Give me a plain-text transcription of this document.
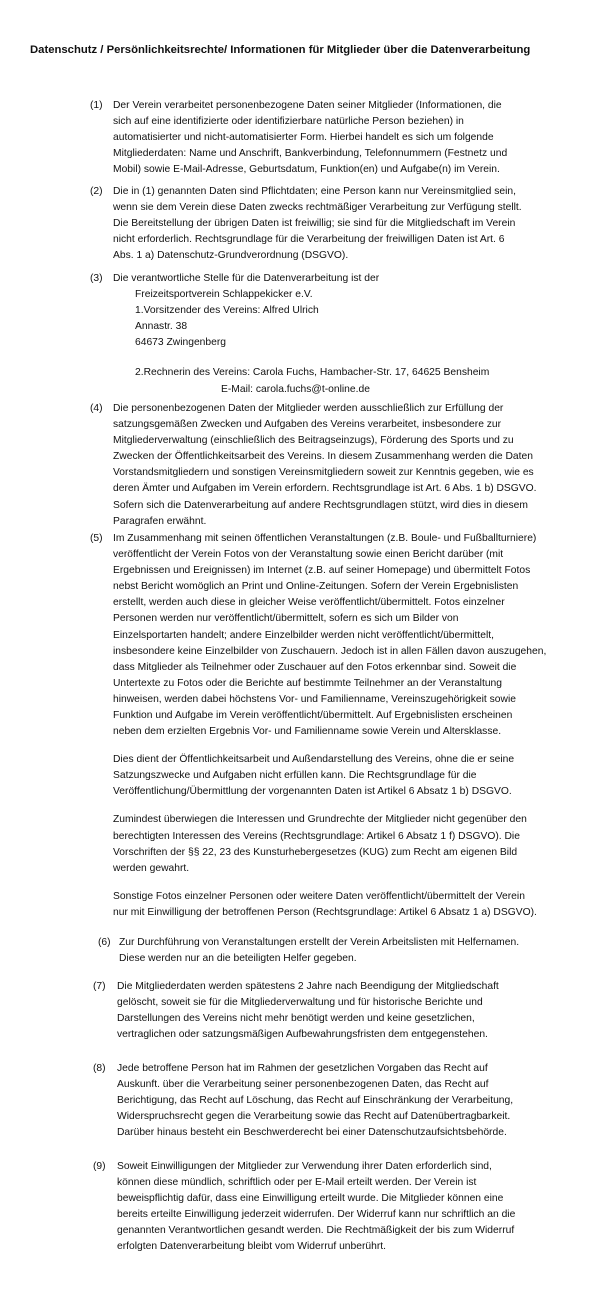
Datenschutz / Persönlichkeitsrechte/ Informationen für Mitglieder über die Datenverarbeitung
(1)	Der Verein verarbeitet personenbezogene Daten seiner Mitglieder (Informationen, die

sich auf eine identifizierte oder identifizierbare natürliche Person beziehen) in

automatisierter und nicht-automatisierter Form. Hierbei handelt es sich um folgende

Mitgliederdaten: Name und Anschrift, Bankverbindung, Telefonnummern (Festnetz und

Mobil) sowie E-Mail-Adresse, Geburtsdatum, Funktion(en) und Aufgabe(n) im Verein.

(2)	Die in (1) genannten Daten sind Pflichtdaten; eine Person kann nur Vereinsmitglied sein,

wenn sie dem Verein diese Daten zwecks rechtmäßiger Verarbeitung zur Verfügung stellt.

Die Bereitstellung der übrigen Daten ist freiwillig; sie sind für die Mitgliedschaft im Verein

nicht erforderlich. Rechtsgrundlage für die Verarbeitung der freiwilligen Daten ist Art. 6

Abs. 1 a) Datenschutz-Grundverordnung (DSGVO).

(3)	Die verantwortliche Stelle für die Datenverarbeitung ist der

Freizeitsportverein Schlappekicker e.V.

1.Vorsitzender des Vereins: Alfred Ulrich

Annastr. 38

64673 Zwingenberg

2.Rechnerin des Vereins: Carola Fuchs, Hambacher-Str. 17, 64625 Bensheim

E-Mail: carola.fuchs@t-online.de

(4)	Die personenbezogenen Daten der Mitglieder werden ausschließlich zur Erfüllung der

satzungsgemäßen Zwecken und Aufgaben des Vereins verarbeitet, insbesondere zur

Mitgliederverwaltung (einschließlich des Beitragseinzugs), Förderung des Sports und zu

Zwecken der Öffentlichkeitsarbeit des Vereins. In diesem Zusammenhang werden die Daten

Vorstandsmitgliedern und sonstigen Vereinsmitgliedern soweit zur Kenntnis gegeben, wie es

deren Ämter und Aufgaben im Verein erfordern. Rechtsgrundlage ist Art. 6 Abs. 1 b) DSGVO.

Sofern sich die Datenverarbeitung auf andere Rechtsgrundlagen stützt, wird dies in diesem

Paragrafen erwähnt.

(5)	Im Zusammenhang mit seinen öffentlichen Veranstaltungen (z.B. Boule- und Fußballturniere)

veröffentlicht der Verein Fotos von der Veranstaltung sowie einen Bericht darüber (mit

Ergebnissen und Ereignissen) im Internet (z.B. auf seiner Homepage) und übermittelt Fotos

nebst Bericht womöglich an Print und Online-Zeitungen. Sofern der Verein Ergebnislisten

erstellt, werden auch diese in gleicher Weise veröffentlicht/übermittelt. Fotos einzelner

Personen werden nur veröffentlicht/übermittelt, sofern es sich um Bilder von

Einzelsportarten handelt; andere Einzelbilder werden nicht veröffentlicht/übermittelt,

insbesondere keine Einzelbilder von Zuschauern. Jedoch ist in allen Fällen davon auszugehen,

dass Mitglieder als Teilnehmer oder Zuschauer auf den Fotos erkennbar sind. Soweit die

Untertexte zu Fotos oder die Berichte auf bestimmte Teilnehmer an der Veranstaltung

hinweisen, werden dabei höchstens Vor- und Familienname, Vereinszugehörigkeit sowie

Funktion und Aufgabe im Verein veröffentlicht/übermittelt. Auf Ergebnislisten erscheinen

neben dem erzielten Ergebnis Vor- und Familienname sowie Verein und Altersklasse.

Dies dient der Öffentlichkeitsarbeit und Außendarstellung des Vereins, ohne die er seine

Satzungszwecke und Aufgaben nicht erfüllen kann. Die Rechtsgrundlage für die

Veröffentlichung/Übermittlung der vorgenannten Daten ist Artikel 6 Absatz 1 b) DSGVO.

Zumindest überwiegen die Interessen und Grundrechte der Mitglieder nicht gegenüber den

berechtigten Interessen des Vereins (Rechtsgrundlage: Artikel 6 Absatz 1 f) DSGVO). Die

Vorschriften der §§ 22, 23 des Kunsturhebergesetzes (KUG) zum Recht am eigenen Bild

werden gewahrt.

Sonstige Fotos einzelner Personen oder weitere Daten veröffentlicht/übermittelt der Verein

nur mit Einwilligung der betroffenen Person (Rechtsgrundlage: Artikel 6 Absatz 1 a) DSGVO).

(6) Zur Durchführung von Veranstaltungen erstellt der Verein Arbeitslisten mit Helfernamen.

Diese werden nur an die beteiligten Helfer gegeben.

(7)	Die Mitgliederdaten werden spätestens 2 Jahre nach Beendigung der Mitgliedschaft

gelöscht, soweit sie für die Mitgliederverwaltung und für historische Berichte und

Darstellungen des Vereins nicht mehr benötigt werden und keine gesetzlichen,

vertraglichen oder satzungsmäßigen Aufbewahrungsfristen dem entgegenstehen.

(8)	Jede betroffene Person hat im Rahmen der gesetzlichen Vorgaben das Recht auf

Auskunft. über die Verarbeitung seiner personenbezogenen Daten, das Recht auf

Berichtigung, das Recht auf Löschung, das Recht auf Einschränkung der Verarbeitung,

Widerspruchsrecht gegen die Verarbeitung sowie das Recht auf Datenübertragbarkeit.

Darüber hinaus besteht ein Beschwerderecht bei einer Datenschutzaufsichtsbehörde.

(9)	Soweit Einwilligungen der Mitglieder zur Verwendung ihrer Daten erforderlich sind,

können diese mündlich, schriftlich oder per E-Mail erteilt werden. Der Verein ist

beweispflichtig dafür, dass eine Einwilligung erteilt wurde. Die Mitglieder können eine

bereits erteilte Einwilligung jederzeit widerrufen. Der Widerruf kann nur schriftlich an die

genannten Verantwortlichen gesandt werden. Die Rechtmäßigkeit der bis zum Widerruf

erfolgten Datenverarbeitung bleibt vom Widerruf unberührt.
